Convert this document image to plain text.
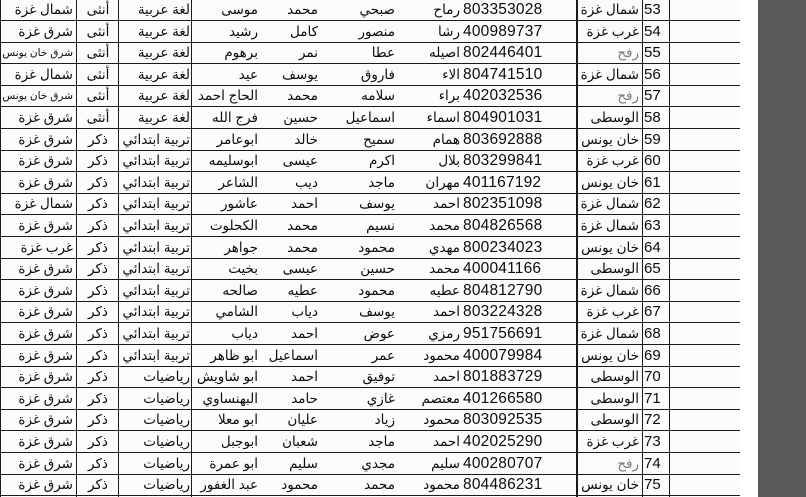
53
شمال غزة
803353028
رماح
صبحي
محمد
موسى
لغة عربية
أنثى
شمال غزة
54
غرب غزة
400989737
رشا
منصور
كامل
رشيد
لغة عربية
أنثى
شرق غزة
55
رفح
802446401
اصيله
عطا
نمر
برهوم
لغة عربية
أنثى
شرق خان يونس
56
شمال غزة
804741510
الاء
فاروق
يوسف
عيد
لغة عربية
أنثى
شمال غزة
57
رفح
402032536
براء
سلامه
محمد
الحاج احمد
لغة عربية
أنثى
شرق خان يونس
58
الوسطى
804901031
اسماء
اسماعيل
حسين
فرج الله
لغة عربية
أنثى
شرق غزة
59
خان يونس
803692888
همام
سميح
خالد
ابوعامر
تربية ابتدائي
ذكر
شرق غزة
60
غرب غزة
803299841
بلال
اكرم
عيسى
ابوسليمه
تربية ابتدائي
ذكر
شرق غزة
61
خان يونس
401167192
مهران
ماجد
ديب
الشاعر
تربية ابتدائي
ذكر
شرق غزة
62
شمال غزة
802351098
احمد
يوسف
احمد
عاشور
تربية ابتدائي
ذكر
شمال غزة
63
شمال غزة
804826568
محمد
نسيم
محمد
الكحلوت
تربية ابتدائي
ذكر
شرق غزة
64
خان يونس
800234023
مهدي
محمود
محمد
جواهر
تربية ابتدائي
ذكر
غرب غزة
65
الوسطى
400041166
محمد
حسين
عيسى
بخيت
تربية ابتدائي
ذكر
شرق غزة
66
شمال غزة
804812790
عطيه
محمود
عطيه
صالحه
تربية ابتدائي
ذكر
شرق غزة
67
غرب غزة
803224328
احمد
يوسف
دياب
الشامي
تربية ابتدائي
ذكر
شرق غزة
68
شمال غزة
951756691
رمزي
عوض
احمد
دياب
تربية ابتدائي
ذكر
شرق غزة
69
خان يونس
400079984
محمود
عمر
اسماعيل
ابو ظاهر
تربية ابتدائي
ذكر
شرق غزة
70
الوسطى
801883729
احمد
توفيق
احمد
ابو شاويش
رياضيات
ذكر
شرق غزة
71
الوسطى
401266580
معتصم
غازي
حامد
البهنساوي
رياضيات
ذكر
شرق غزة
72
الوسطى
803092535
محمود
زياد
عليان
ابو معلا
رياضيات
ذكر
شرق غزة
73
غرب غزة
402025290
احمد
ماجد
شعبان
ابوجبل
رياضيات
ذكر
شرق غزة
74
رفح
400280707
سليم
مجدي
سليم
ابو عمرة
رياضيات
ذكر
شرق غزة
75
خان يونس
804486231
محمود
محمد
محمود
عبد الغفور
رياضيات
ذكر
شرق غزة
